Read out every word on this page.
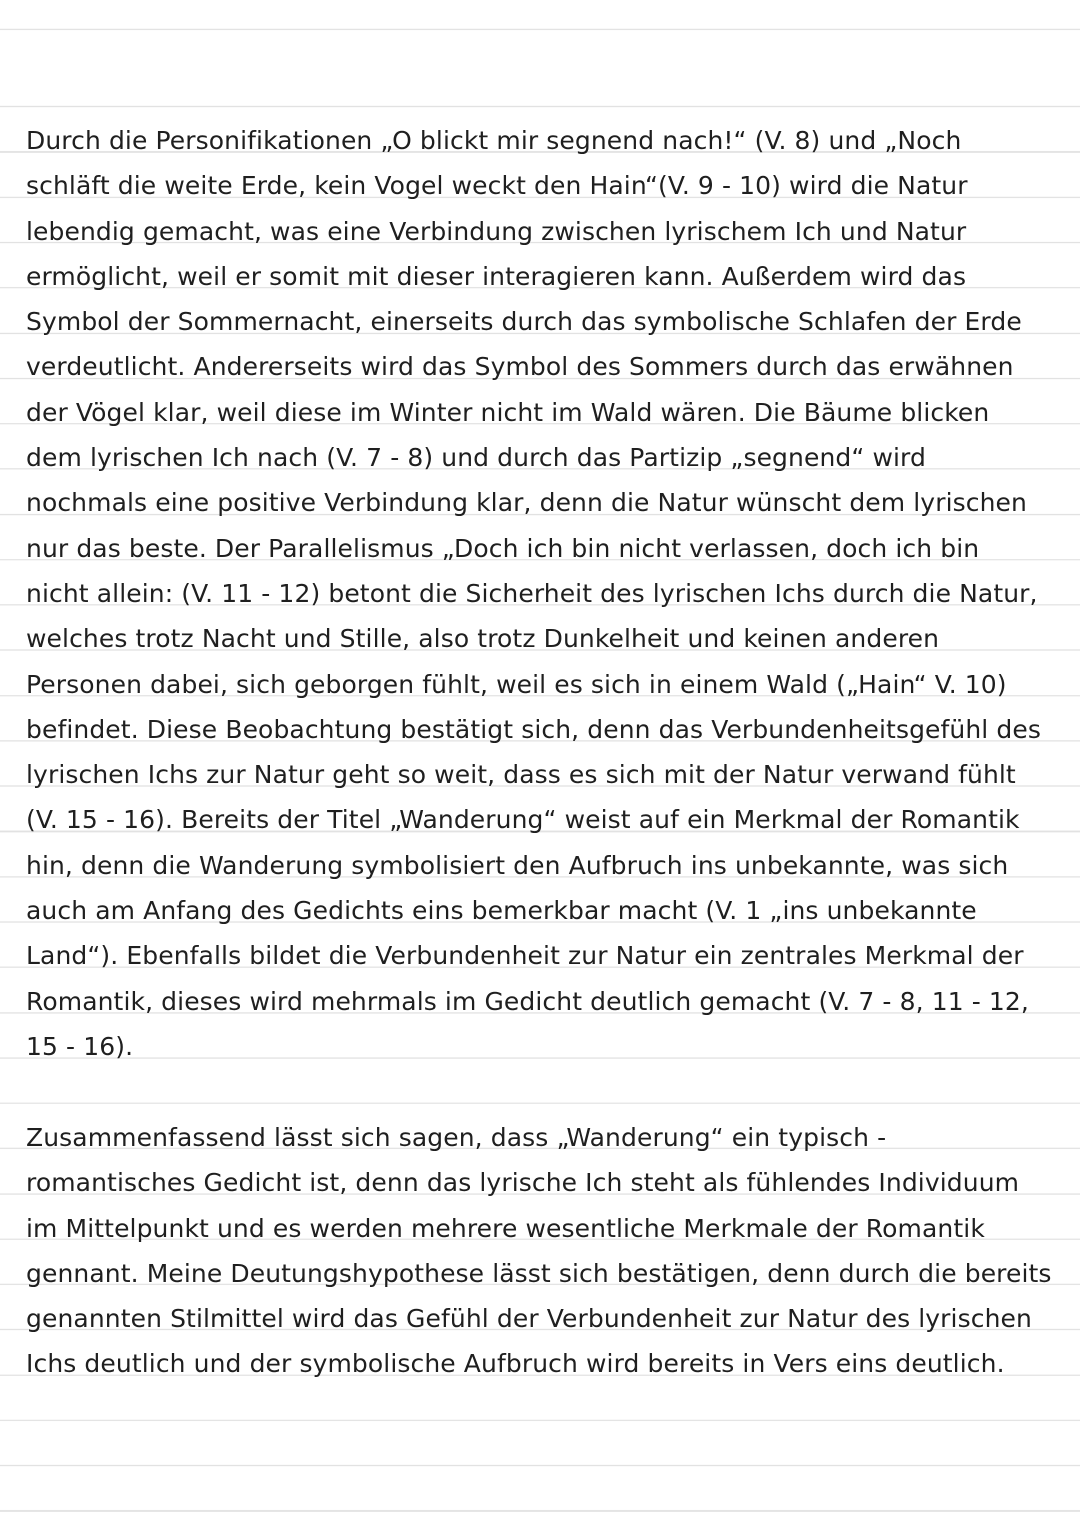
Durch die Personifikationen „O blickt mir segnend nach!“ (V. 8) und „Noch
schläft die weite Erde, kein Vogel weckt den Hain“(V. 9 - 10) wird die Natur
lebendig gemacht, was eine Verbindung zwischen lyrischem Ich und Natur
ermöglicht, weil er somit mit dieser interagieren kann. Außerdem wird das
Symbol der Sommernacht, einerseits durch das symbolische Schlafen der Erde
verdeutlicht. Andererseits wird das Symbol des Sommers durch das erwähnen
der Vögel klar, weil diese im Winter nicht im Wald wären. Die Bäume blicken
dem lyrischen Ich nach (V. 7 - 8) und durch das Partizip „segnend“ wird
nochmals eine positive Verbindung klar, denn die Natur wünscht dem lyrischen
nur das beste. Der Parallelismus „Doch ich bin nicht verlassen, doch ich bin
nicht allein: (V. 11 - 12) betont die Sicherheit des lyrischen Ichs durch die Natur,
welches trotz Nacht und Stille, also trotz Dunkelheit und keinen anderen
Personen dabei, sich geborgen fühlt, weil es sich in einem Wald („Hain“ V. 10)
befindet. Diese Beobachtung bestätigt sich, denn das Verbundenheitsgefühl des
lyrischen Ichs zur Natur geht so weit, dass es sich mit der Natur verwand fühlt
(V. 15 - 16). Bereits der Titel „Wanderung“ weist auf ein Merkmal der Romantik
hin, denn die Wanderung symbolisiert den Aufbruch ins unbekannte, was sich
auch am Anfang des Gedichts eins bemerkbar macht (V. 1 „ins unbekannte
Land“). Ebenfalls bildet die Verbundenheit zur Natur ein zentrales Merkmal der
Romantik, dieses wird mehrmals im Gedicht deutlich gemacht (V. 7 - 8, 11 - 12,
15 - 16).
Zusammenfassend lässt sich sagen, dass „Wanderung“ ein typisch -
romantisches Gedicht ist, denn das lyrische Ich steht als fühlendes Individuum
im Mittelpunkt und es werden mehrere wesentliche Merkmale der Romantik
gennant. Meine Deutungshypothese lässt sich bestätigen, denn durch die bereits
genannten Stilmittel wird das Gefühl der Verbundenheit zur Natur des lyrischen
Ichs deutlich und der symbolische Aufbruch wird bereits in Vers eins deutlich.
